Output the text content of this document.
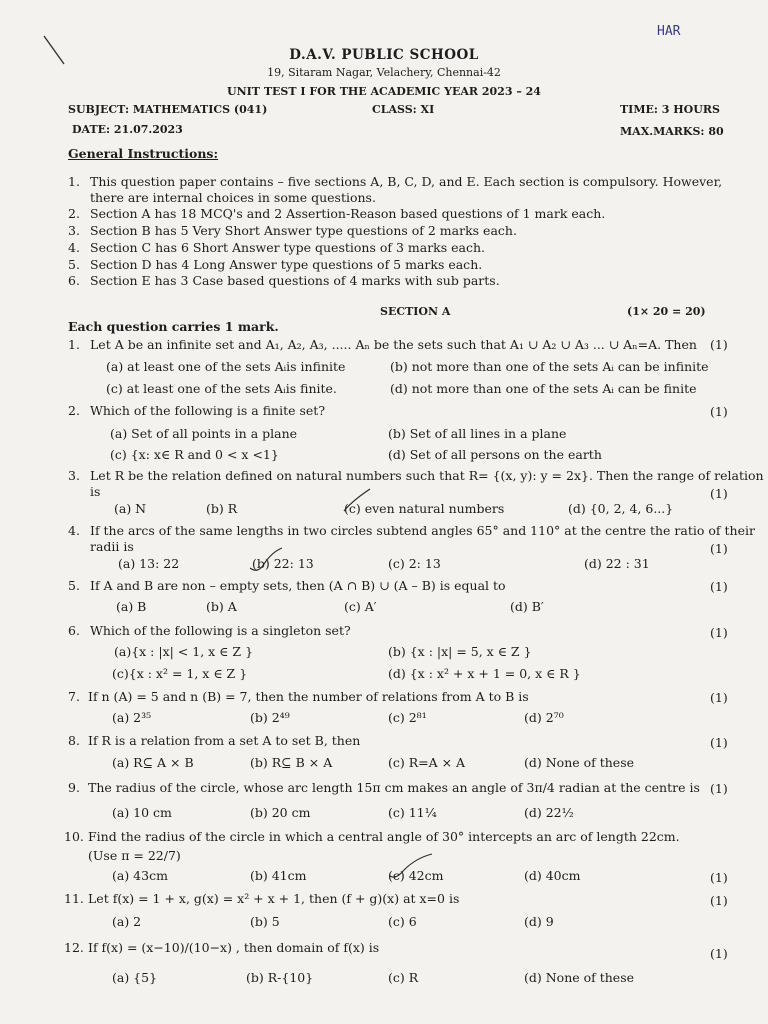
HAR
D.A.V. PUBLIC SCHOOL
19, Sitaram Nagar, Velachery, Chennai-42
UNIT TEST I FOR THE ACADEMIC YEAR 2023 – 24
SUBJECT: MATHEMATICS (041)	CLASS: XI	TIME: 3 HOURS
DATE: 21.07.2023	MAX.MARKS: 80
General Instructions:
1. This question paper contains – five sections A, B, C, D, and E. Each section is compulsory. However,
there are internal choices in some questions.
2. Section A has 18 MCQ's and 2 Assertion-Reason based questions of 1 mark each.
3. Section B has 5 Very Short Answer type questions of 2 marks each.
4. Section C has 6 Short Answer type questions of 3 marks each.
5. Section D has 4 Long Answer type questions of 5 marks each.
6. Section E has 3 Case based questions of 4 marks with sub parts.
SECTION A	(1× 20 = 20)
Each question carries 1 mark.
1. Let A be an infinite set and A₁, A₂, A₃, ..... Aₙ be the sets such that A₁ ∪ A₂ ∪ A₃ ... ∪ Aₙ=A. Then (1)
(a) at least one of the sets Aᵢis infinite	(b) not more than one of the sets Aᵢ can be infinite
(c) at least one of the sets Aᵢis finite.	(d) not more than one of the sets Aᵢ can be finite
2. Which of the following is a finite set?	(1)
(a) Set of all points in a plane	(b) Set of all lines in a plane
(c) {x: x∈ R and 0 < x <1}	(d) Set of all persons on the earth
3. Let R be the relation defined on natural numbers such that R= {(x, y): y = 2x}. Then the range of relation
is	(1)
(a) N	(b) R	(c) even natural numbers	(d) {0, 2, 4, 6...}
4. If the arcs of the same lengths in two circles subtend angles 65° and 110° at the centre the ratio of their
radii is	(1)
(a) 13: 22	(b) 22: 13	(c) 2: 13	(d) 22 : 31
5. If A and B are non – empty sets, then (A ∩ B) ∪ (A – B) is equal to	(1)
(a) B	(b) A	(c) A′	(d) B′
6. Which of the following is a singleton set?	(1)
(a){x : |x| < 1, x ∈ Z }	(b) {x : |x| = 5, x ∈ Z }
(c){x : x² = 1, x ∈ Z }	(d) {x : x² + x + 1 = 0, x ∈ R }
7. If n (A) = 5 and n (B) = 7, then the number of relations from A to B is	(1)
(a) 2³⁵	(b) 2⁴⁹	(c) 2⁸¹	(d) 2⁷⁰
8. If R is a relation from a set A to set B, then	(1)
(a) R⊆ A × B	(b) R⊆ B × A	(c) R=A × A	(d) None of these
9. The radius of the circle, whose arc length 15π cm makes an angle of 3π/4 radian at the centre is (1)
(a) 10 cm	(b) 20 cm	(c) 11¼	(d) 22½
10. Find the radius of the circle in which a central angle of 30° intercepts an arc of length 22cm.
(Use π = 22/7)
(1)
(a) 43cm	(b) 41cm	(c) 42cm	(d) 40cm
11. Let f(x) = 1 + x, g(x) = x² + x + 1, then (f + g)(x) at x=0 is	(1)
(a) 2	(b) 5	(c) 6	(d) 9
12. If f(x) = (x−10)/(10−x) , then domain of f(x) is	(1)
(a) {5}	(b) R-{10}	(c) R	(d) None of these
